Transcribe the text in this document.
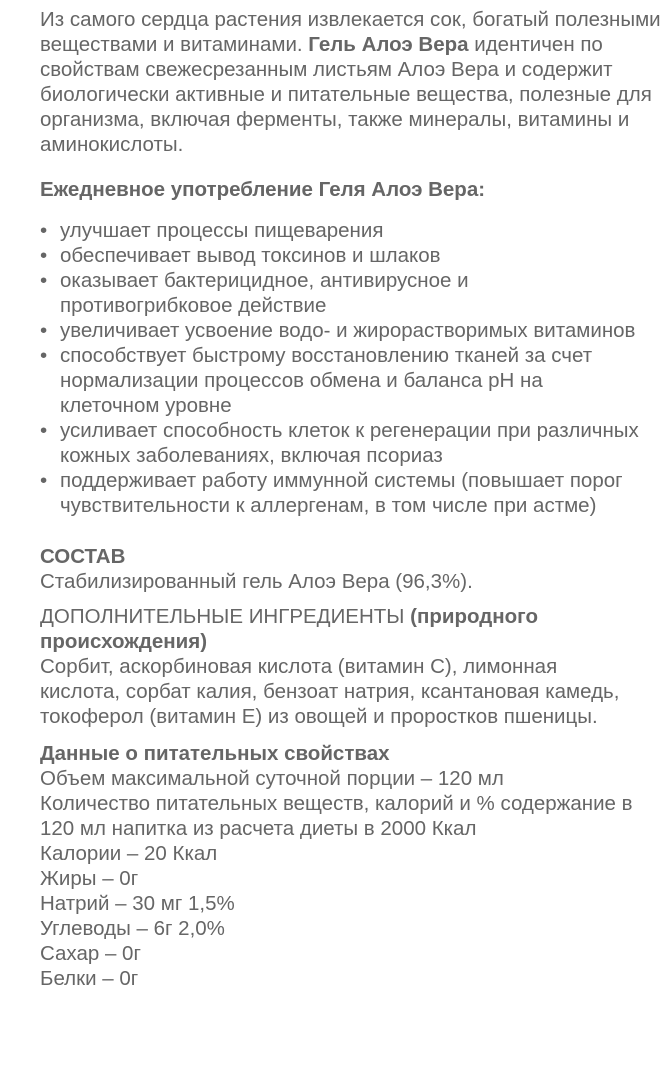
Из самого сердца растения извлекается сок, богатый полезными веществами и витаминами. Гель Алоэ Вера идентичен по свойствам свежесрезанным листьям Алоэ Вера и содержит биологически активные и питательные вещества, полезные для организма, включая ферменты, также минералы, витамины и аминокислоты.

Ежедневное употребление Геля Алоэ Вера:

• улучшает процессы пищеварения
• обеспечивает вывод токсинов и шлаков
• оказывает бактерицидное, антивирусное и противогрибковое действие
• увеличивает усвоение водо- и жирорастворимых витаминов
• способствует быстрому восстановлению тканей за счет нормализации процессов обмена и баланса pH на клеточном уровне
• усиливает способность клеток к регенерации при различных кожных заболеваниях, включая псориаз
• поддерживает работу иммунной системы (повышает порог чувствительности к аллергенам, в том числе при астме)

СОСТАВ

Стабилизированный гель Алоэ Вера (96,3%).

ДОПОЛНИТЕЛЬНЫЕ ИНГРЕДИЕНТЫ (природного происхождения)

Сорбит, аскорбиновая кислота (витамин С), лимонная кислота, сорбат калия, бензоат натрия, ксантановая камедь, токоферол (витамин Е) из овощей и проростков пшеницы.

Данные о питательных свойствах

Объем максимальной суточной порции – 120 мл

Количество питательных веществ, калорий и % содержание в 120 мл напитка из расчета диеты в 2000 Ккал

Калории – 20 Ккал

Жиры – 0г

Натрий – 30 мг 1,5%

Углеводы – 6г 2,0%

Сахар – 0г

Белки – 0г
